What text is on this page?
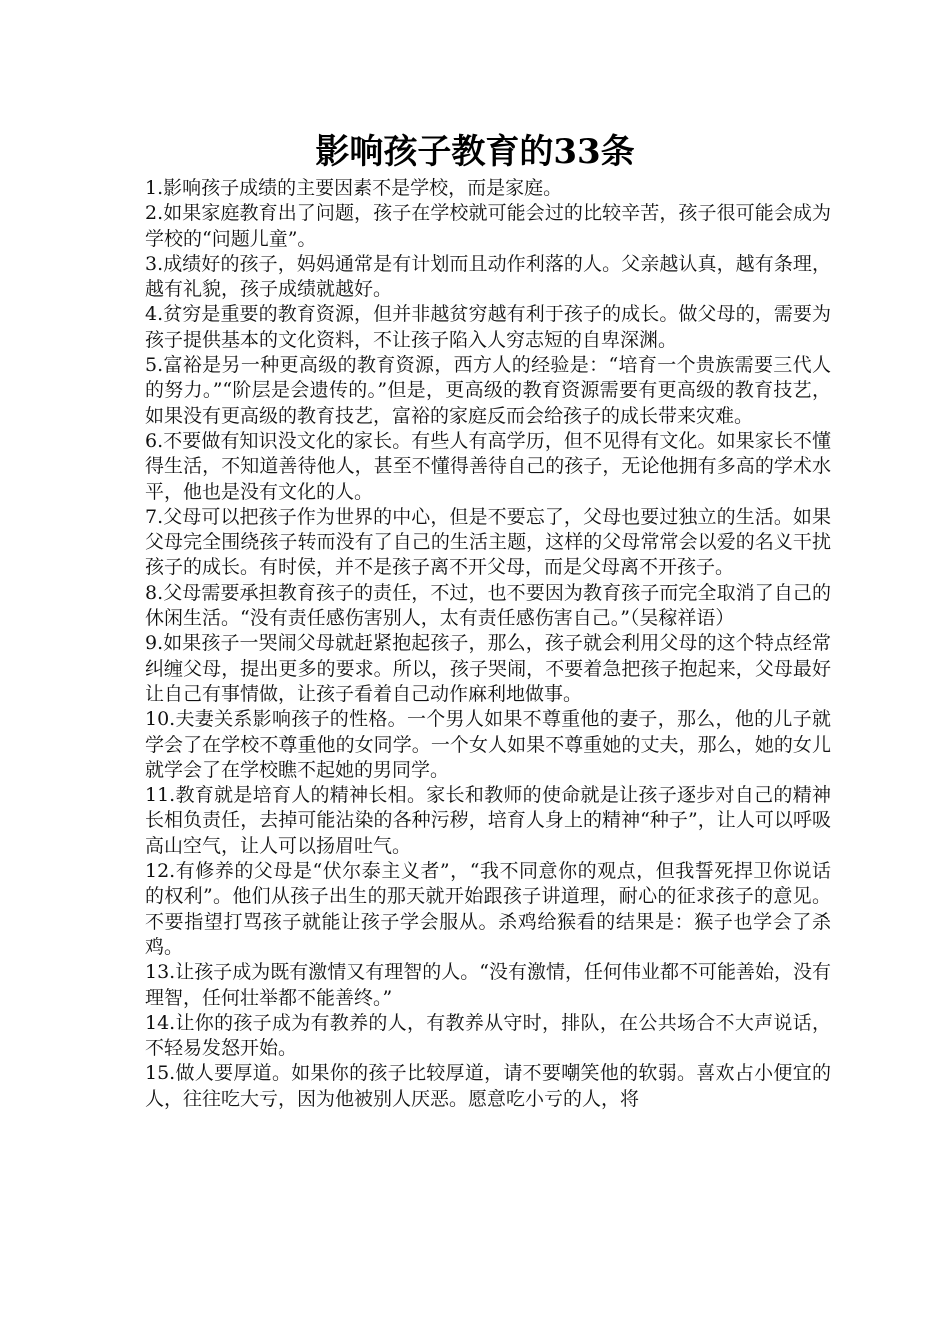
影响孩子教育的33条

1.影响孩子成绩的主要因素不是学校，而是家庭。

2.如果家庭教育出了问题，孩子在学校就可能会过的比较辛苦，孩子很可能会成为学校的“问题儿童”。

3.成绩好的孩子，妈妈通常是有计划而且动作利落的人。父亲越认真，越有条理，越有礼貌，孩子成绩就越好。

4.贫穷是重要的教育资源，但并非越贫穷越有利于孩子的成长。做父母的，需要为孩子提供基本的文化资料，不让孩子陷入人穷志短的自卑深渊。

5.富裕是另一种更高级的教育资源，西方人的经验是：“培育一个贵族需要三代人的努力。”“阶层是会遗传的。”但是，更高级的教育资源需要有更高级的教育技艺，如果没有更高级的教育技艺，富裕的家庭反而会给孩子的成长带来灾难。

6.不要做有知识没文化的家长。有些人有高学历，但不见得有文化。如果家长不懂得生活，不知道善待他人，甚至不懂得善待自己的孩子，无论他拥有多高的学术水平，他也是没有文化的人。

7.父母可以把孩子作为世界的中心，但是不要忘了，父母也要过独立的生活。如果父母完全围绕孩子转而没有了自己的生活主题，这样的父母常常会以爱的名义干扰孩子的成长。有时侯，并不是孩子离不开父母，而是父母离不开孩子。

8.父母需要承担教育孩子的责任，不过，也不要因为教育孩子而完全取消了自己的休闲生活。“没有责任感伤害别人，太有责任感伤害自己。”（吴稼祥语）

9.如果孩子一哭闹父母就赶紧抱起孩子，那么，孩子就会利用父母的这个特点经常纠缠父母，提出更多的要求。所以，孩子哭闹，不要着急把孩子抱起来，父母最好让自己有事情做，让孩子看着自己动作麻利地做事。

10.夫妻关系影响孩子的性格。一个男人如果不尊重他的妻子，那么，他的儿子就学会了在学校不尊重他的女同学。一个女人如果不尊重她的丈夫，那么，她的女儿就学会了在学校瞧不起她的男同学。

11.教育就是培育人的精神长相。家长和教师的使命就是让孩子逐步对自己的精神长相负责任，去掉可能沾染的各种污秽，培育人身上的精神“种子”，让人可以呼吸高山空气，让人可以扬眉吐气。

12.有修养的父母是“伏尔泰主义者”，“我不同意你的观点，但我誓死捍卫你说话的权利”。他们从孩子出生的那天就开始跟孩子讲道理，耐心的征求孩子的意见。不要指望打骂孩子就能让孩子学会服从。杀鸡给猴看的结果是：猴子也学会了杀鸡。

13.让孩子成为既有激情又有理智的人。“没有激情，任何伟业都不可能善始，没有理智，任何壮举都不能善终。”

14.让你的孩子成为有教养的人，有教养从守时，排队，在公共场合不大声说话，不轻易发怒开始。

15.做人要厚道。如果你的孩子比较厚道，请不要嘲笑他的软弱。喜欢占小便宜的人，往往吃大亏，因为他被别人厌恶。愿意吃小亏的人，将
